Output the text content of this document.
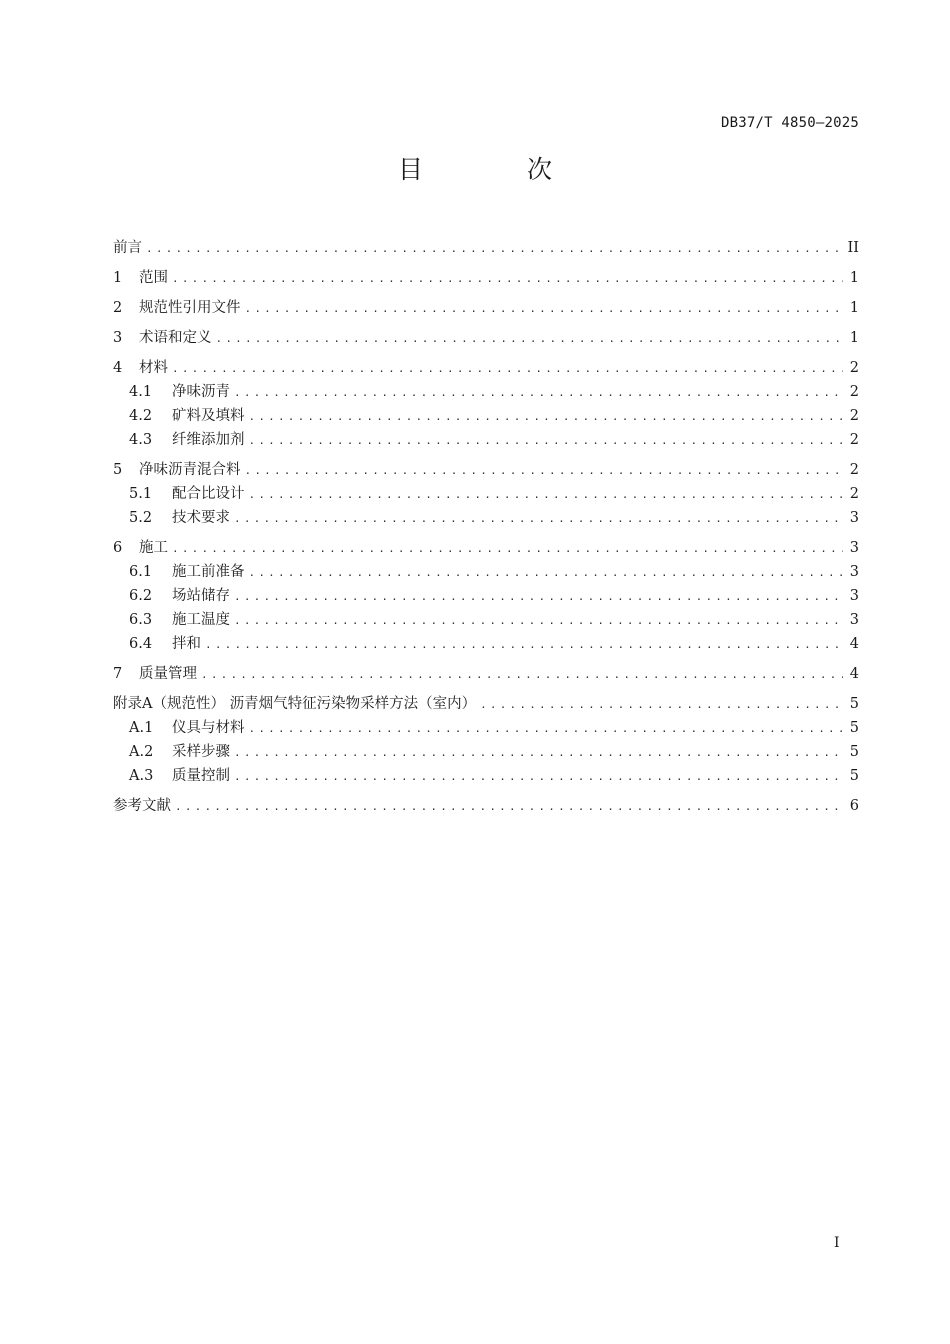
DB37/T 4850—2025
目 次
前言 .....	II
1	范围 .....	1
2	规范性引用文件 .....	1
3	术语和定义 .....	1
4	材料 .....	2
4.1	净味沥青 .....	2
4.2	矿料及填料 .....	2
4.3	纤维添加剂 .....	2
5	净味沥青混合料 .....	2
5.1	配合比设计 .....	2
5.2	技术要求 .....	3
6	施工 .....	3
6.1	施工前准备 .....	3
6.2	场站储存 .....	3
6.3	施工温度 .....	3
6.4	拌和 .....	4
7	质量管理 .....	4
附录A（规范性） 沥青烟气特征污染物采样方法（室内） .....	5
A.1	仪具与材料 .....	5
A.2	采样步骤 .....	5
A.3	质量控制 .....	5
参考文献 .....	6
I
